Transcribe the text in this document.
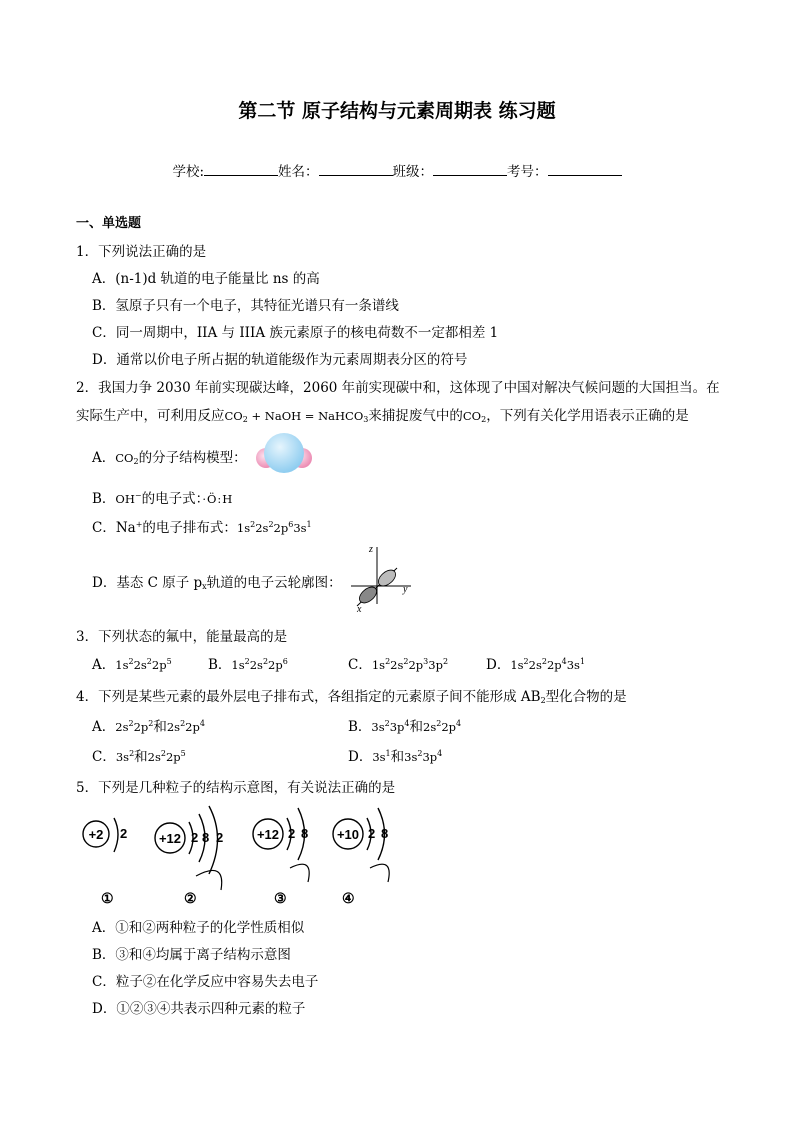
第二节 原子结构与元素周期表 练习题
学校:	姓名：	班级：	考号：
一、单选题
1．下列说法正确的是
A．(n-1)d 轨道的电子能量比 ns 的高
B．氢原子只有一个电子，其特征光谱只有一条谱线
C．同一周期中，IIA 与 IIIA 族元素原子的核电荷数不一定都相差 1
D．通常以价电子所占据的轨道能级作为元素周期表分区的符号
2．我国力争 2030 年前实现碳达峰，2060 年前实现碳中和，这体现了中国对解决气候问题的大国担当。在
实际生产中，可利用反应$CO_2$ + NaOH = NaHCO$_3$来捕捉废气中的$CO_2$，下列有关化学用语表示正确的是
A．$CO_2$的分子结构模型：
B．OH−的电子式：·Ö:H
C．Na+的电子排布式：$1s^22s^22p^63s^1$
D．基态 C 原子 $p_x$轨道的电子云轮廓图：
z
y
x
3．下列状态的氟中，能量最高的是
A．$1s^22s^22p^5$	B．$1s^22s^22p^6$	C．$1s^22s^22p^33p^2$	D．$1s^22s^22p^43s^1$
4．下列是某些元素的最外层电子排布式，各组指定的元素原子间不能形成 $AB_2$型化合物的是
A．$2s^22p^2$和$2s^22p^4$	B．$3s^23p^4$和$2s^22p^4$
C．$3s^2$和$2s^22p^5$	D．$3s^1$和$3s^23p^4$
5．下列是几种粒子的结构示意图，有关说法正确的是
+2 2
①
+12 2 8 2
②
+12 2 8
③
+10 2 8
④
A．①和②两种粒子的化学性质相似
B．③和④均属于离子结构示意图
C．粒子②在化学反应中容易失去电子
D．①②③④共表示四种元素的粒子
